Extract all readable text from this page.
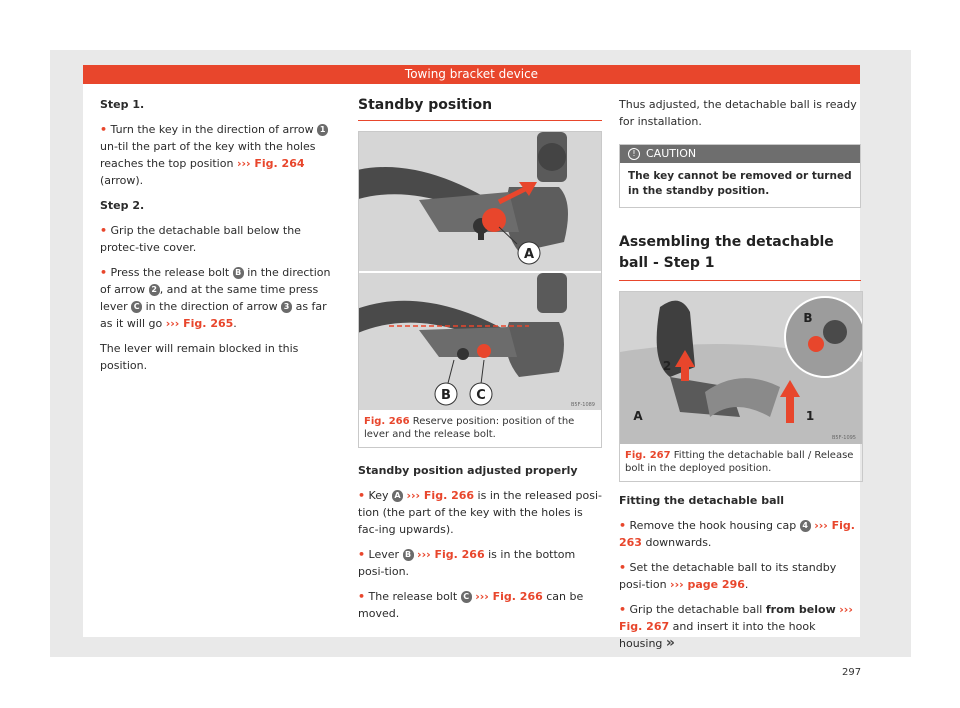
Towing bracket device

Step 1.

• Turn the key in the direction of arrow 1 un-til the part of the key with the holes reaches the top position ››› Fig. 264 (arrow).

Step 2.

• Grip the detachable ball below the protec-tive cover.

• Press the release bolt B in the direction of arrow 2 , and at the same time press lever C in the direction of arrow 3 as far as it will go ››› Fig. 265.

The lever will remain blocked in this position.

Standby position
A
B C
B5F-1089
Fig. 266 Reserve position: position of the lever and the release bolt.

Standby position adjusted properly

• Key A ››› Fig. 266 is in the released posi-tion (the part of the key with the holes is fac-ing upwards).

• Lever B ››› Fig. 266 is in the bottom posi-tion.

• The release bolt C ››› Fig. 266 can be moved.

Thus adjusted, the detachable ball is ready for installation.

! CAUTION
The key cannot be removed or turned in the standby position.
Assembling the detachable ball - Step 1
B
2
A	1
B5F-1095
Fig. 267 Fitting the detachable ball / Release bolt in the deployed position.

Fitting the detachable ball

• Remove the hook housing cap 4 ››› Fig. 263 downwards.

• Set the detachable ball to its standby posi-tion ››› page 296.

• Grip the detachable ball from below ››› Fig. 267 and insert it into the hook housing »

297
